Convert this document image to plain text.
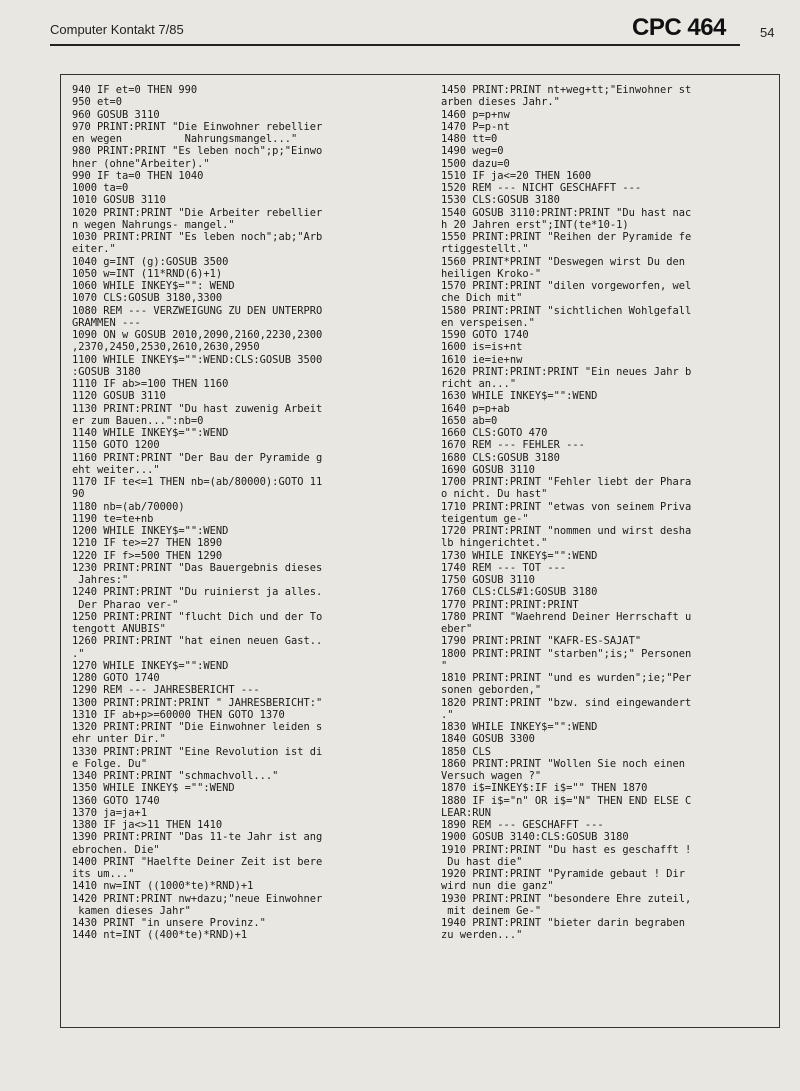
Computer Kontakt 7/85	CPC 464	54
940 IF et=0 THEN 990
950 et=0
960 GOSUB 3110
970 PRINT:PRINT "Die Einwohner rebellier
en wegen          Nahrungsmangel..."
980 PRINT:PRINT "Es leben noch";p;"Einwo
hner (ohne"Arbeiter)."
990 IF ta=0 THEN 1040
1000 ta=0
1010 GOSUB 3110
1020 PRINT:PRINT "Die Arbeiter rebellier
n wegen Nahrungs- mangel."
1030 PRINT:PRINT "Es leben noch";ab;"Arb
eiter."
1040 g=INT (g):GOSUB 3500
1050 w=INT (11*RND(6)+1)
1060 WHILE INKEY$="": WEND
1070 CLS:GOSUB 3180,3300
1080 REM --- VERZWEIGUNG ZU DEN UNTERPRO
GRAMMEN ---
1090 ON w GOSUB 2010,2090,2160,2230,2300
,2370,2450,2530,2610,2630,2950
1100 WHILE INKEY$="":WEND:CLS:GOSUB 3500
:GOSUB 3180
1110 IF ab>=100 THEN 1160
1120 GOSUB 3110
1130 PRINT:PRINT "Du hast zuwenig Arbeit
er zum Bauen...":nb=0
1140 WHILE INKEY$="":WEND
1150 GOTO 1200
1160 PRINT:PRINT "Der Bau der Pyramide g
eht weiter..."
1170 IF te<=1 THEN nb=(ab/80000):GOTO 11
90
1180 nb=(ab/70000)
1190 te=te+nb
1200 WHILE INKEY$="":WEND
1210 IF te>=27 THEN 1890
1220 IF f>=500 THEN 1290
1230 PRINT:PRINT "Das Bauergebnis dieses
Jahres:"
1240 PRINT:PRINT "Du ruinierst ja alles.
Der Pharao ver-"
1250 PRINT:PRINT "flucht Dich und der To
tengott ANUBIS"
1260 PRINT:PRINT "hat einen neuen Gast..
."
1270 WHILE INKEY$="":WEND
1280 GOTO 1740
1290 REM --- JAHRESBERICHT ---
1300 PRINT:PRINT:PRINT " JAHRESBERICHT:"
1310 IF ab+p>=60000 THEN GOTO 1370
1320 PRINT:PRINT "Die Einwohner leiden s
ehr unter Dir."
1330 PRINT:PRINT "Eine Revolution ist di
e Folge. Du"
1340 PRINT:PRINT "schmachvoll..."
1350 WHILE INKEY$ ="":WEND
1360 GOTO 1740
1370 ja=ja+1
1380 IF ja<>11 THEN 1410
1390 PRINT:PRINT "Das 11-te Jahr ist ang
ebrochen. Die"
1400 PRINT "Haelfte Deiner Zeit ist bere
its um..."
1410 nw=INT ((1000*te)*RND)+1
1420 PRINT:PRINT nw+dazu;"neue Einwohner
kamen dieses Jahr"
1430 PRINT "in unsere Provinz."
1440 nt=INT ((400*te)*RND)+1
1450 PRINT:PRINT nt+weg+tt;"Einwohner st
arben dieses Jahr."
1460 p=p+nw
1470 P=p-nt
1480 tt=0
1490 weg=0
1500 dazu=0
1510 IF ja<=20 THEN 1600
1520 REM --- NICHT GESCHAFFT ---
1530 CLS:GOSUB 3180
1540 GOSUB 3110:PRINT:PRINT "Du hast nac
h 20 Jahren erst";INT(te*10-1)
1550 PRINT:PRINT "Reihen der Pyramide fe
rtiggestellt."
1560 PRINT*PRINT "Deswegen wirst Du den
heiligen Kroko-"
1570 PRINT:PRINT "dilen vorgeworfen, wel
che Dich mit"
1580 PRINT:PRINT "sichtlichen Wohlgefall
en verspeisen."
1590 GOTO 1740
1600 is=is+nt
1610 ie=ie+nw
1620 PRINT:PRINT:PRINT "Ein neues Jahr b
richt an..."
1630 WHILE INKEY$="":WEND
1640 p=p+ab
1650 ab=0
1660 CLS:GOTO 470
1670 REM --- FEHLER ---
1680 CLS:GOSUB 3180
1690 GOSUB 3110
1700 PRINT:PRINT "Fehler liebt der Phara
o nicht. Du hast"
1710 PRINT:PRINT "etwas von seinem Priva
teigentum ge-"
1720 PRINT:PRINT "nommen und wirst desha
lb hingerichtet."
1730 WHILE INKEY$="":WEND
1740 REM --- TOT ---
1750 GOSUB 3110
1760 CLS:CLS#1:GOSUB 3180
1770 PRINT:PRINT:PRINT
1780 PRINT "Waehrend Deiner Herrschaft u
eber"
1790 PRINT:PRINT "KAFR-ES-SAJAT"
1800 PRINT:PRINT "starben";is;" Personen
"
1810 PRINT:PRINT "und es wurden";ie;"Per
sonen geborden,"
1820 PRINT:PRINT "bzw. sind eingewandert
."
1830 WHILE INKEY$="":WEND
1840 GOSUB 3300
1850 CLS
1860 PRINT:PRINT "Wollen Sie noch einen
Versuch wagen ?"
1870 i$=INKEY$:IF i$="" THEN 1870
1880 IF i$="n" OR i$="N" THEN END ELSE C
LEAR:RUN
1890 REM --- GESCHAFFT ---
1900 GOSUB 3140:CLS:GOSUB 3180
1910 PRINT:PRINT "Du hast es geschafft !
Du hast die"
1920 PRINT:PRINT "Pyramide gebaut ! Dir
wird nun die ganz"
1930 PRINT:PRINT "besondere Ehre zuteil,
mit deinem Ge-"
1940 PRINT:PRINT "bieter darin begraben
zu werden..."
